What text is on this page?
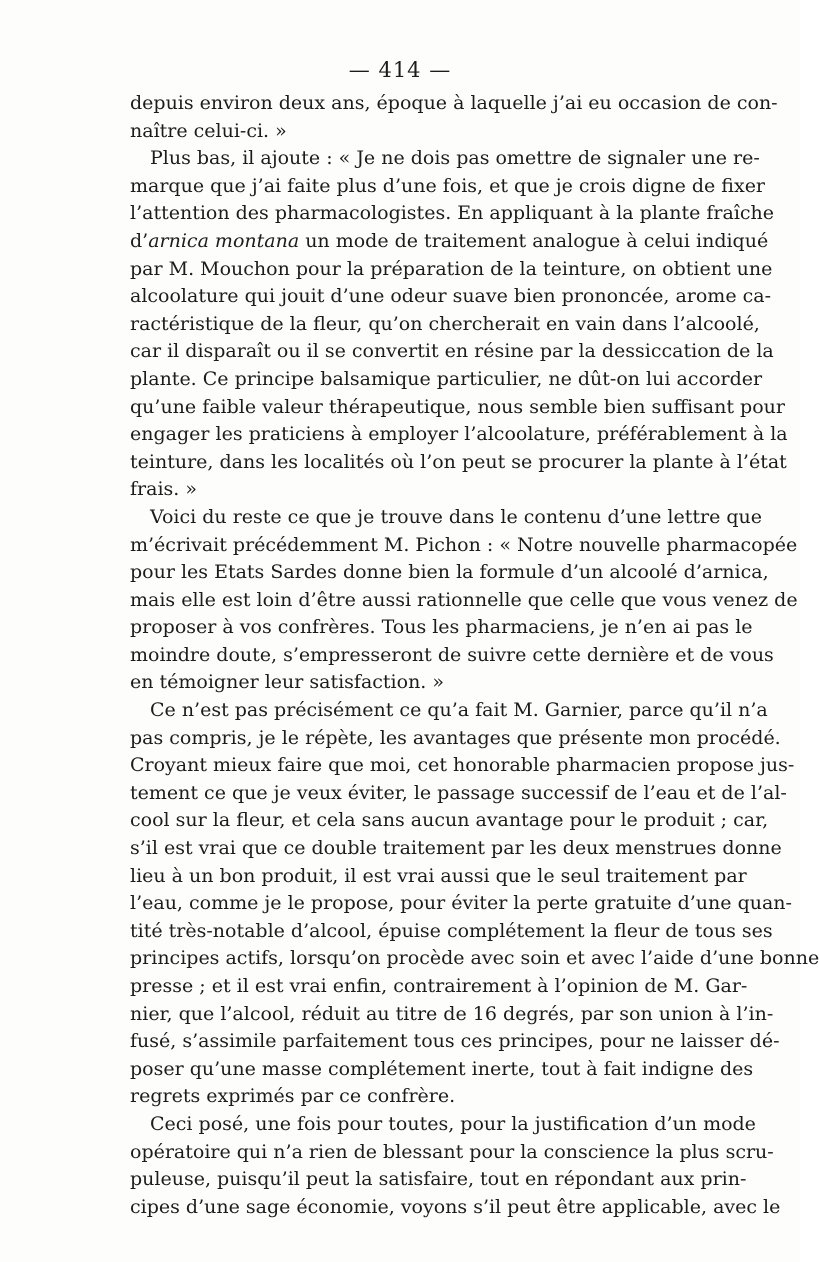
— 414 —
depuis environ deux ans, époque à laquelle j’ai eu occasion de con-
naître celui-ci. »
Plus bas, il ajoute : « Je ne dois pas omettre de signaler une re-
marque que j’ai faite plus d’une fois, et que je crois digne de fixer
l’attention des pharmacologistes. En appliquant à la plante fraîche
d’arnica montana un mode de traitement analogue à celui indiqué
par M. Mouchon pour la préparation de la teinture, on obtient une
alcoolature qui jouit d’une odeur suave bien prononcée, arome ca-
ractéristique de la fleur, qu’on chercherait en vain dans l’alcoolé,
car il disparaît ou il se convertit en résine par la dessiccation de la
plante. Ce principe balsamique particulier, ne dût-on lui accorder
qu’une faible valeur thérapeutique, nous semble bien suffisant pour
engager les praticiens à employer l’alcoolature, préférablement à la
teinture, dans les localités où l’on peut se procurer la plante à l’état
frais. »
Voici du reste ce que je trouve dans le contenu d’une lettre que
m’écrivait précédemment M. Pichon : « Notre nouvelle pharmacopée
pour les Etats Sardes donne bien la formule d’un alcoolé d’arnica,
mais elle est loin d’être aussi rationnelle que celle que vous venez de
proposer à vos confrères. Tous les pharmaciens, je n’en ai pas le
moindre doute, s’empresseront de suivre cette dernière et de vous
en témoigner leur satisfaction. »
Ce n’est pas précisément ce qu’a fait M. Garnier, parce qu’il n’a
pas compris, je le répète, les avantages que présente mon procédé.
Croyant mieux faire que moi, cet honorable pharmacien propose jus-
tement ce que je veux éviter, le passage successif de l’eau et de l’al-
cool sur la fleur, et cela sans aucun avantage pour le produit ; car,
s’il est vrai que ce double traitement par les deux menstrues donne
lieu à un bon produit, il est vrai aussi que le seul traitement par
l’eau, comme je le propose, pour éviter la perte gratuite d’une quan-
tité très-notable d’alcool, épuise complétement la fleur de tous ses
principes actifs, lorsqu’on procède avec soin et avec l’aide d’une bonne
presse ; et il est vrai enfin, contrairement à l’opinion de M. Gar-
nier, que l’alcool, réduit au titre de 16 degrés, par son union à l’in-
fusé, s’assimile parfaitement tous ces principes, pour ne laisser dé-
poser qu’une masse complétement inerte, tout à fait indigne des
regrets exprimés par ce confrère.
Ceci posé, une fois pour toutes, pour la justification d’un mode
opératoire qui n’a rien de blessant pour la conscience la plus scru-
puleuse, puisqu’il peut la satisfaire, tout en répondant aux prin-
cipes d’une sage économie, voyons s’il peut être applicable, avec le
